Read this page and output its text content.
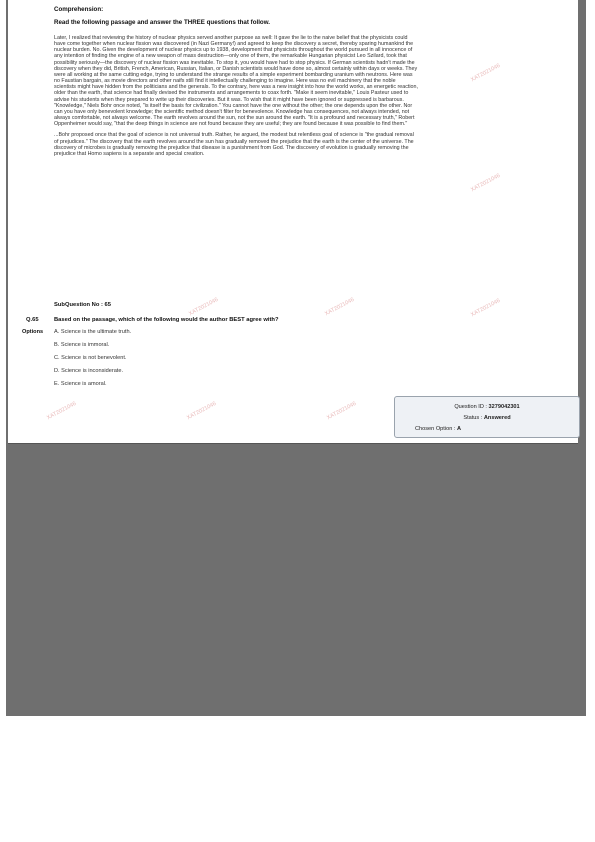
Comprehension:
Read the following passage and answer the THREE questions that follow.

Later, I realized that reviewing the history of nuclear physics served another purpose as well: It gave the lie to the naive belief that the physicists could have come together when nuclear fission was discovered (in Nazi Germany!) and agreed to keep the discovery a secret, thereby sparing humankind the nuclear burden. No. Given the development of nuclear physics up to 1938, development that physicists throughout the world pursued in all innocence of any intention of finding the engine of a new weapon of mass destruction—only one of them, the remarkable Hungarian physicist Leo Szilard, took that possibility seriously—the discovery of nuclear fission was inevitable. To stop it, you would have had to stop physics. If German scientists hadn't made the discovery when they did, British, French, American, Russian, Italian, or Danish scientists would have done so, almost certainly within days or weeks. They were all working at the same cutting edge, trying to understand the strange results of a simple experiment bombarding uranium with neutrons. Here was no Faustian bargain, as movie directors and other naifs still find it intellectually challenging to imagine. Here was no evil machinery that the noble scientists might have hidden from the politicians and the generals. To the contrary, here was a new insight into how the world works, an energetic reaction, older than the earth, that science had finally devised the instruments and arrangements to coax forth. "Make it seem inevitable," Louis Pasteur used to advise his students when they prepared to write up their discoveries. But it was. To wish that it might have been ignored or suppressed is barbarous. "Knowledge," Niels Bohr once noted, "is itself the basis for civilization." You cannot have the one without the other; the one depends upon the other. Nor can you have only benevolent knowledge; the scientific method doesn't filter for benevolence. Knowledge has consequences, not always intended, not always comfortable, not always welcome. The earth revolves around the sun, not the sun around the earth. "It is a profound and necessary truth," Robert Oppenheimer would say, "that the deep things in science are not found because they are useful; they are found because it was possible to find them."

...Bohr proposed once that the goal of science is not universal truth. Rather, he argued, the modest but relentless goal of science is "the gradual removal of prejudices." The discovery that the earth revolves around the sun has gradually removed the prejudice that the earth is the center of the universe. The discovery of microbes is gradually removing the prejudice that disease is a punishment from God. The discovery of evolution is gradually removing the prejudice that Homo sapiens is a separate and special creation.

SubQuestion No : 65
Q.65	Based on the passage, which of the following would the author BEST agree with?
Options A. Science is the ultimate truth.
B. Science is immoral.
C. Science is not benevolent.
D. Science is inconsiderate.
E. Science is amoral.
Question ID : 3279042301
Status : Answered
Chosen Option : A
XAT2021046
XAT2021046
XAT2021046
XAT2021046	XAT2021046
XAT2021046	XAT2021046	XAT2021046
